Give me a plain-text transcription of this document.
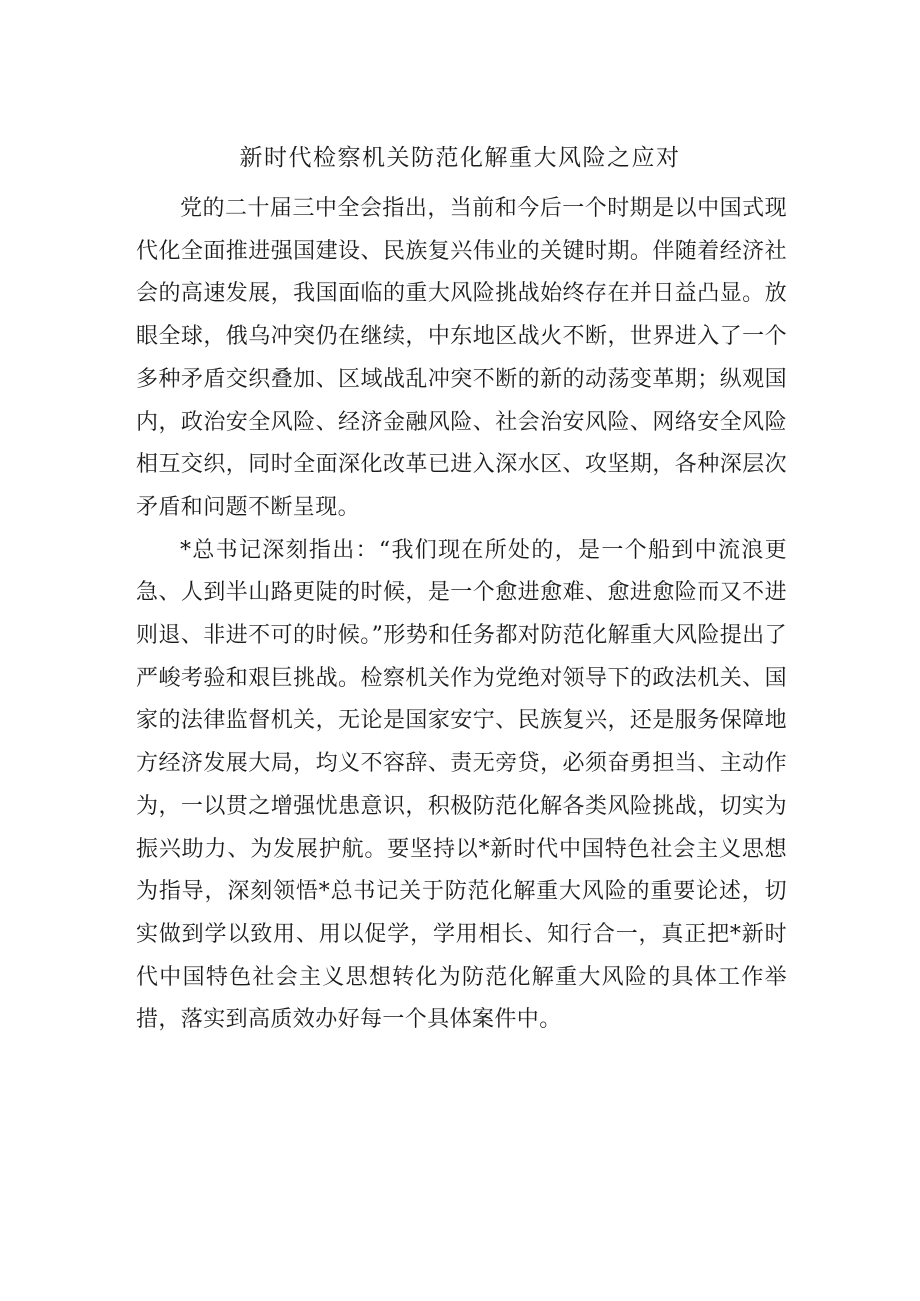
新时代检察机关防范化解重大风险之应对

党的二十届三中全会指出，当前和今后一个时期是以中国式现代化全面推进强国建设、民族复兴伟业的关键时期。伴随着经济社会的高速发展，我国面临的重大风险挑战始终存在并日益凸显。放眼全球，俄乌冲突仍在继续，中东地区战火不断，世界进入了一个多种矛盾交织叠加、区域战乱冲突不断的新的动荡变革期；纵观国内，政治安全风险、经济金融风险、社会治安风险、网络安全风险相互交织，同时全面深化改革已进入深水区、攻坚期，各种深层次矛盾和问题不断呈现。

*总书记深刻指出：“我们现在所处的，是一个船到中流浪更急、人到半山路更陡的时候，是一个愈进愈难、愈进愈险而又不进则退、非进不可的时候。”形势和任务都对防范化解重大风险提出了严峻考验和艰巨挑战。检察机关作为党绝对领导下的政法机关、国家的法律监督机关，无论是国家安宁、民族复兴，还是服务保障地方经济发展大局，均义不容辞、责无旁贷，必须奋勇担当、主动作为，一以贯之增强忧患意识，积极防范化解各类风险挑战，切实为振兴助力、为发展护航。要坚持以*新时代中国特色社会主义思想为指导，深刻领悟*总书记关于防范化解重大风险的重要论述，切实做到学以致用、用以促学，学用相长、知行合一，真正把*新时代中国特色社会主义思想转化为防范化解重大风险的具体工作举措，落实到高质效办好每一个具体案件中。
